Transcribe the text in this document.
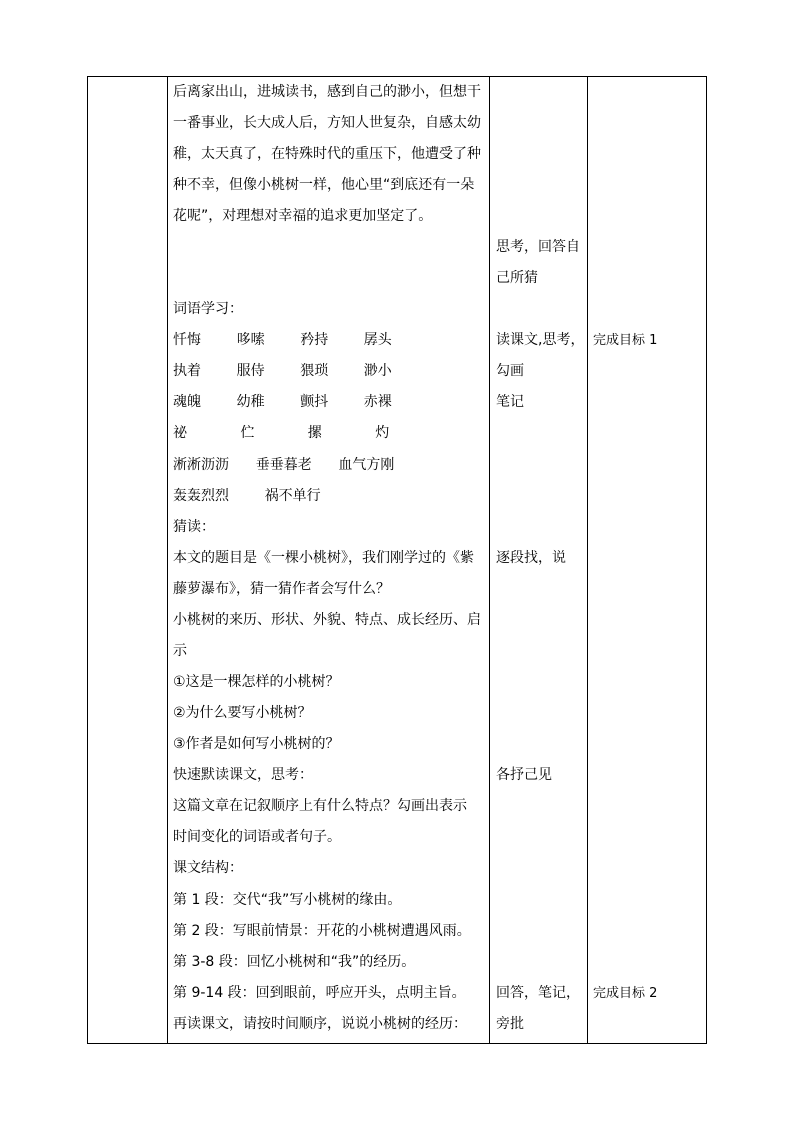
后离家出山，进城读书，感到自己的渺小，但想干
一番事业，长大成人后，方知人世复杂，自感太幼
稚，太天真了，在特殊时代的重压下，他遭受了种
种不幸，但像小桃树一样，他心里“到底还有一朵
花呢”，对理想对幸福的追求更加坚定了。
词语学习：
忏悔        哆嗦        矜持        孱头
执着        服侍        猥琐        渺小
魂魄        幼稚        颤抖        赤裸
祕            伫            摞            灼
淅淅沥沥      垂垂暮老      血气方刚
轰轰烈烈        祸不单行
猜读：
本文的题目是《一棵小桃树》，我们刚学过的《紫
藤萝瀑布》，猜一猜作者会写什么？
小桃树的来历、形状、外貌、特点、成长经历、启
示
①这是一棵怎样的小桃树？
②为什么要写小桃树？
③作者是如何写小桃树的？
快速默读课文，思考：
这篇文章在记叙顺序上有什么特点？勾画出表示
时间变化的词语或者句子。
课文结构：
第 1 段：交代“我”写小桃树的缘由。
第 2 段：写眼前情景：开花的小桃树遭遇风雨。
第 3-8 段：回忆小桃树和“我”的经历。
第 9-14 段：回到眼前，呼应开头，点明主旨。
再读课文，请按时间顺序，说说小桃树的经历：
思考，回答自
己所猜
读课文,思考，
勾画
笔记
逐段找，说
各抒己见
回答，笔记，
旁批
完成目标 1
完成目标 2
